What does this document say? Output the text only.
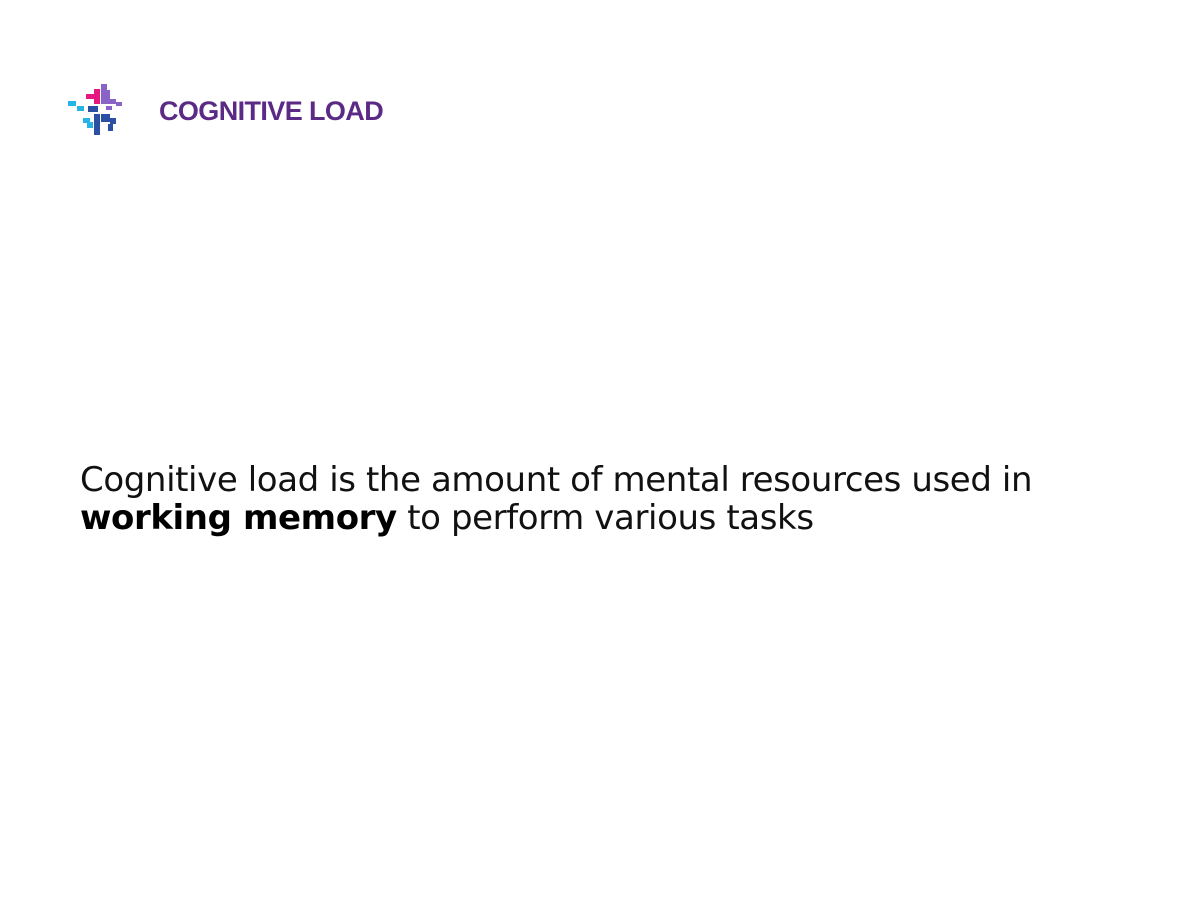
COGNITIVE LOAD
Cognitive load is the amount of mental resources used in
working memory to perform various tasks
